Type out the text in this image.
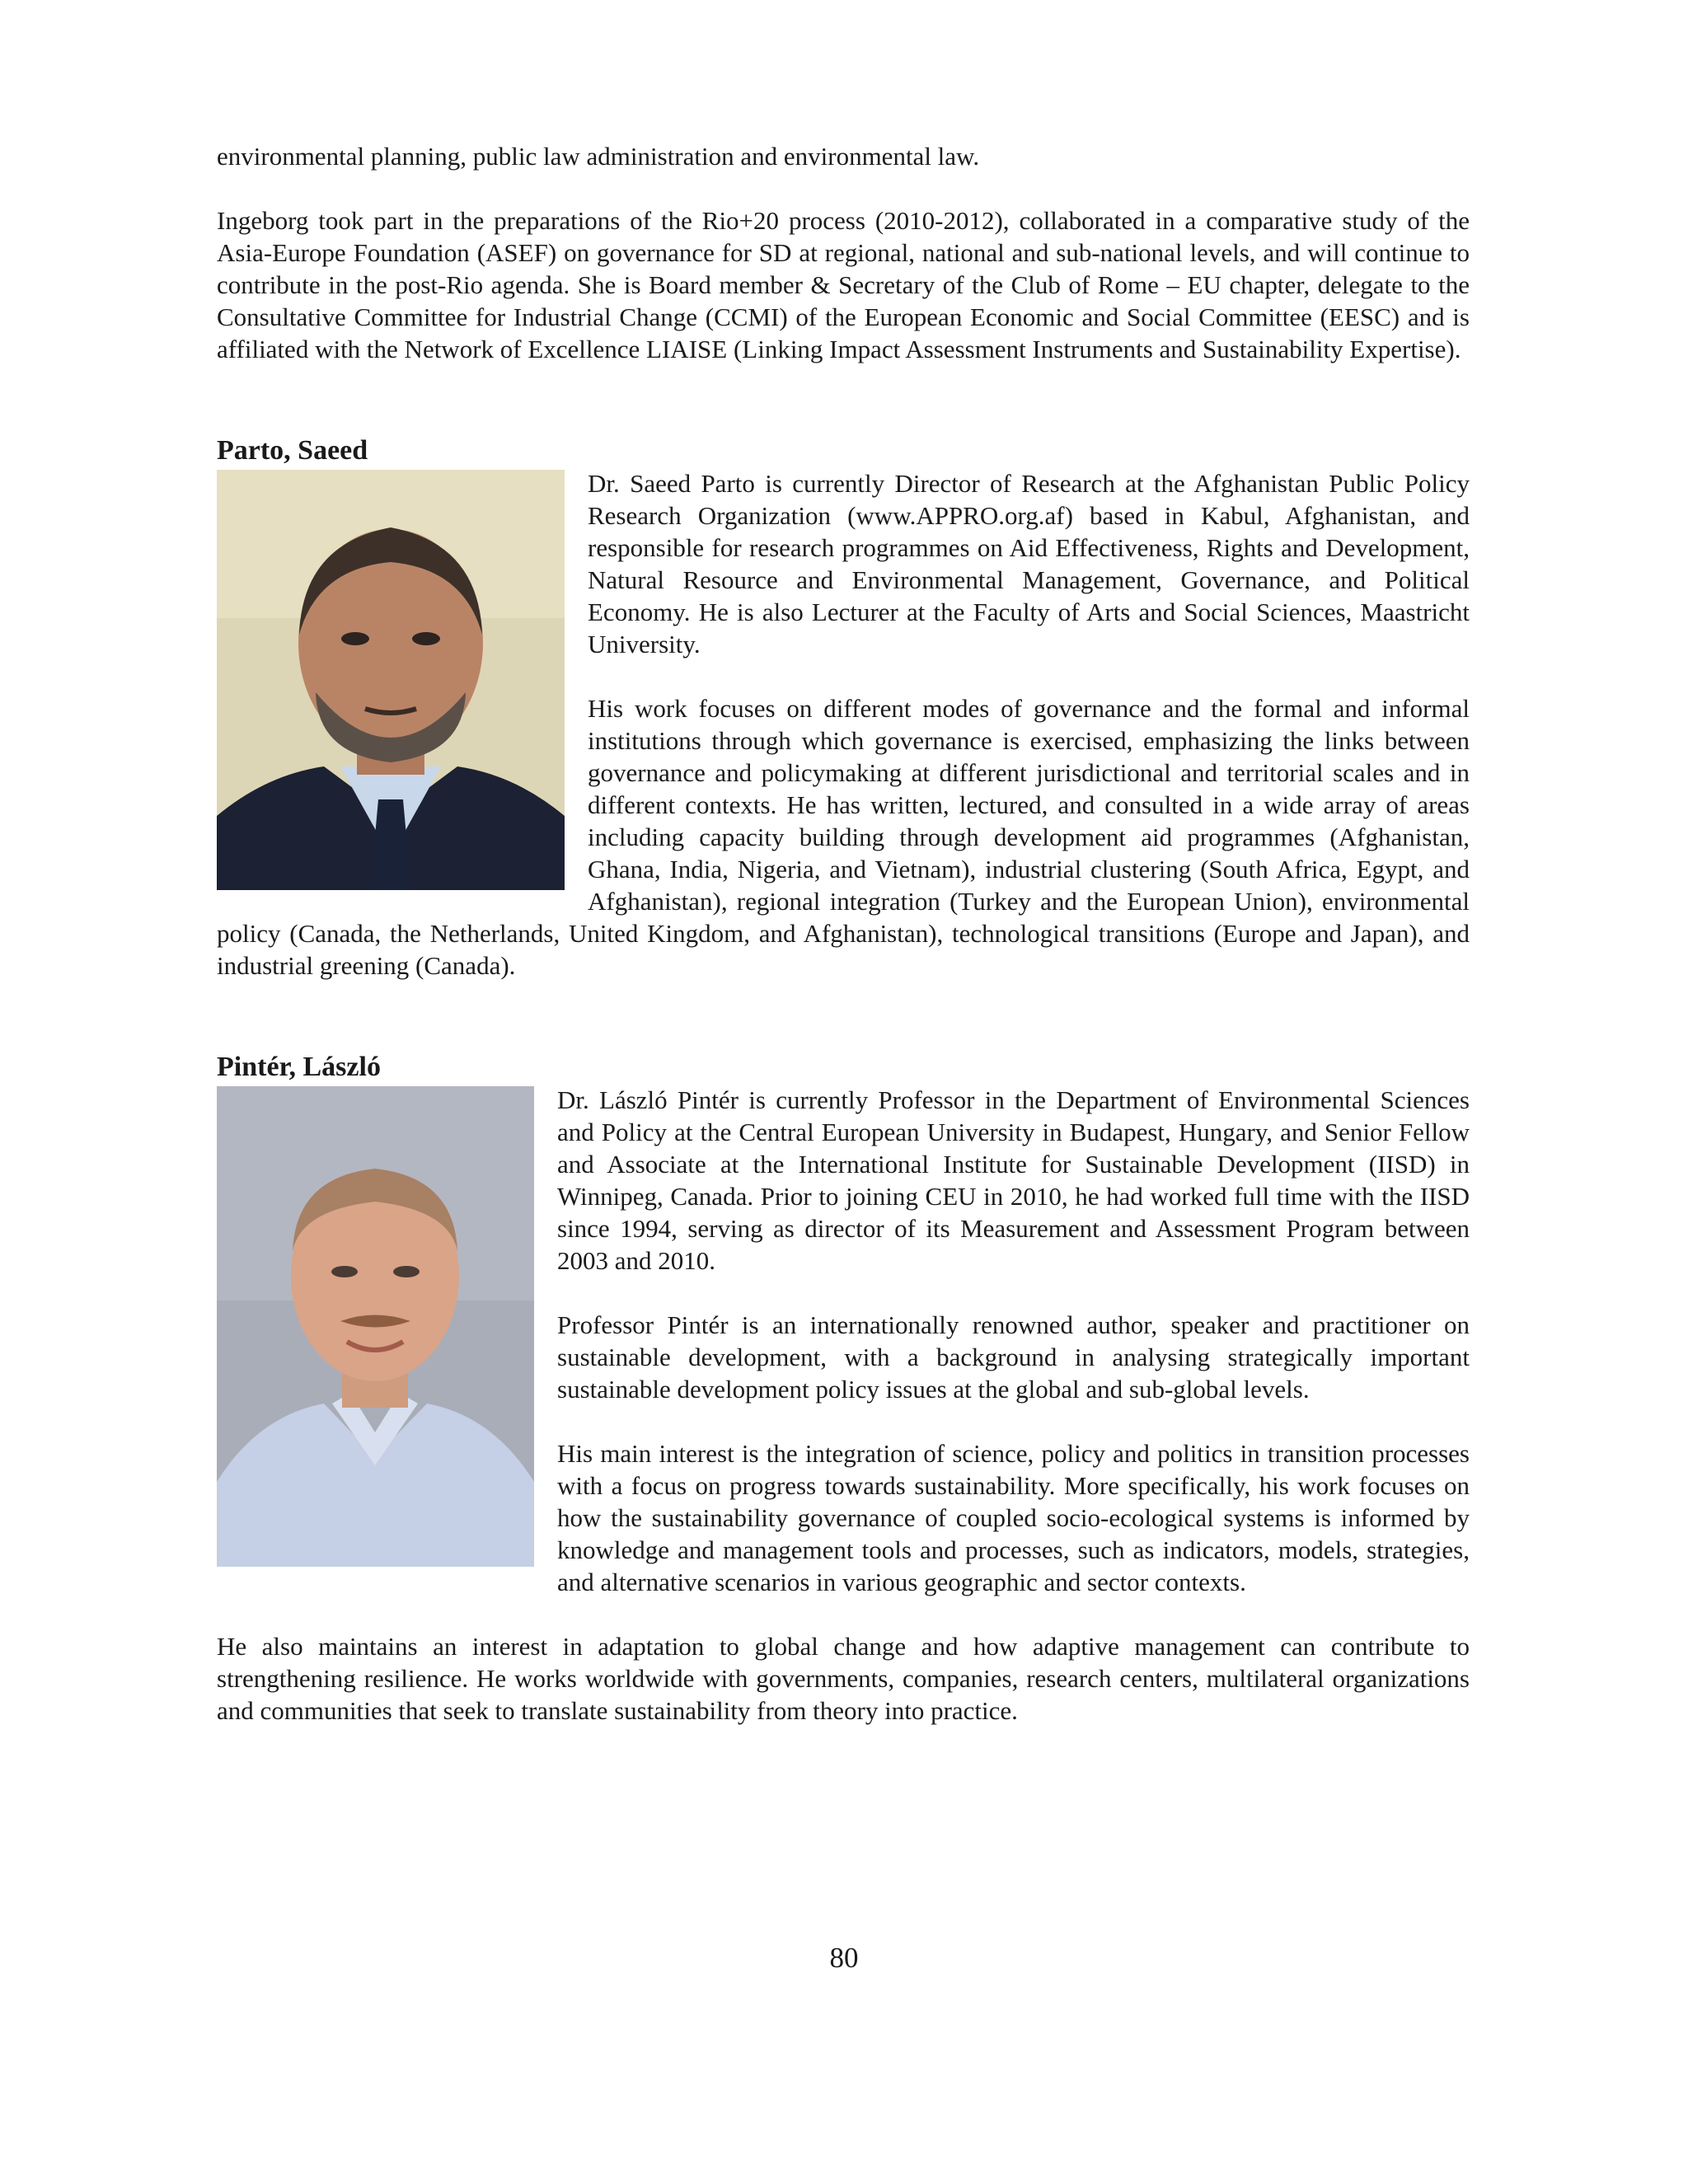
environmental planning, public law administration and environmental law.

Ingeborg took part in the preparations of the Rio+20 process (2010-2012), collaborated in a comparative study of the Asia-Europe Foundation (ASEF) on governance for SD at regional, national and sub-national levels, and will continue to contribute in the post-Rio agenda. She is Board member & Secretary of the Club of Rome – EU chapter, delegate to the Consultative Committee for Industrial Change (CCMI) of the European Economic and Social Committee (EESC) and is affiliated with the Network of Excellence LIAISE (Linking Impact Assessment Instruments and Sustainability Expertise).

Parto, Saeed

Dr. Saeed Parto is currently Director of Research at the Afghanistan Public Policy Research Organization (www.APPRO.org.af) based in Kabul, Afghanistan, and responsible for research programmes on Aid Effectiveness, Rights and Development, Natural Resource and Environmental Management, Governance, and Political Economy. He is also Lecturer at the Faculty of Arts and Social Sciences, Maastricht University.

His work focuses on different modes of governance and the formal and informal institutions through which governance is exercised, emphasizing the links between governance and policymaking at different jurisdictional and territorial scales and in different contexts. He has written, lectured, and consulted in a wide array of areas including capacity building through development aid programmes (Afghanistan, Ghana, India, Nigeria, and Vietnam), industrial clustering (South Africa, Egypt, and Afghanistan), regional integration (Turkey and the European Union), environmental policy (Canada, the Netherlands, United Kingdom, and Afghanistan), technological transitions (Europe and Japan), and industrial greening (Canada).

Pintér, László

Dr. László Pintér is currently Professor in the Department of Environmental Sciences and Policy at the Central European University in Budapest, Hungary, and Senior Fellow and Associate at the International Institute for Sustainable Development (IISD) in Winnipeg, Canada. Prior to joining CEU in 2010, he had worked full time with the IISD since 1994, serving as director of its Measurement and Assessment Program between 2003 and 2010.

Professor Pintér is an internationally renowned author, speaker and practitioner on sustainable development, with a background in analysing strategically important sustainable development policy issues at the global and sub-global levels.

His main interest is the integration of science, policy and politics in transition processes with a focus on progress towards sustainability. More specifically, his work focuses on how the sustainability governance of coupled socio-ecological systems is informed by knowledge and management tools and processes, such as indicators, models, strategies, and alternative scenarios in various geographic and sector contexts.

He also maintains an interest in adaptation to global change and how adaptive management can contribute to strengthening resilience. He works worldwide with governments, companies, research centers, multilateral organizations and communities that seek to translate sustainability from theory into practice.

80
